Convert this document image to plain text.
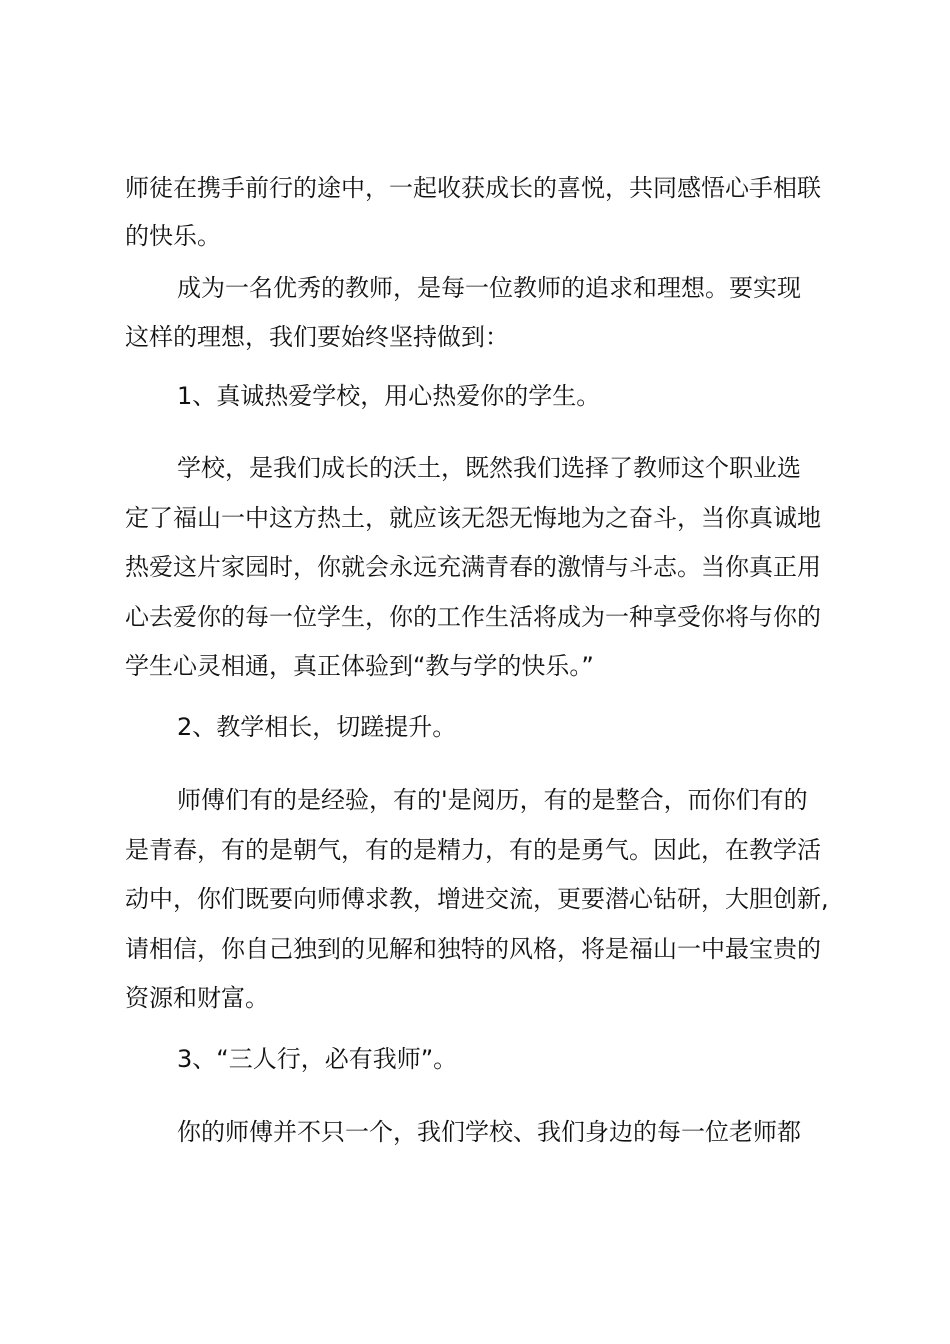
师徒在携手前行的途中，一起收获成长的喜悦，共同感悟心手相联

的快乐。

成为一名优秀的教师，是每一位教师的追求和理想。要实现

这样的理想，我们要始终坚持做到：

1、真诚热爱学校，用心热爱你的学生。

学校，是我们成长的沃土，既然我们选择了教师这个职业选

定了福山一中这方热土，就应该无怨无悔地为之奋斗，当你真诚地

热爱这片家园时，你就会永远充满青春的激情与斗志。当你真正用

心去爱你的每一位学生，你的工作生活将成为一种享受你将与你的

学生心灵相通，真正体验到“教与学的快乐。”

2、教学相长，切蹉提升。

师傅们有的是经验，有的'是阅历，有的是整合，而你们有的

是青春，有的是朝气，有的是精力，有的是勇气。因此，在教学活

动中，你们既要向师傅求教，增进交流，更要潜心钻研，大胆创新,

请相信，你自己独到的见解和独特的风格，将是福山一中最宝贵的

资源和财富。

3、“三人行，必有我师”。

你的师傅并不只一个，我们学校、我们身边的每一位老师都
